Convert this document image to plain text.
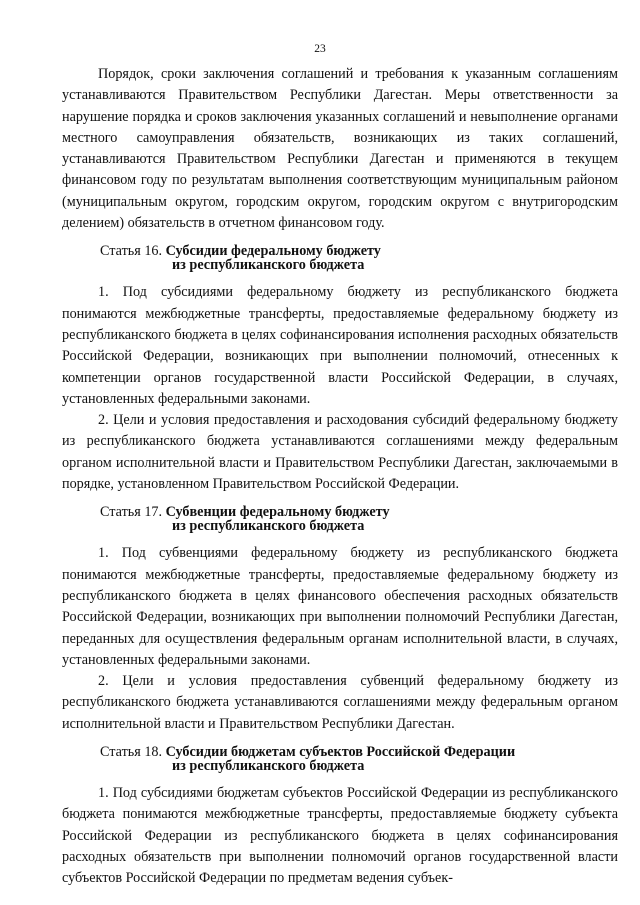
23

Порядок, сроки заключения соглашений и требования к указанным соглашениям устанавливаются Правительством Республики Дагестан. Меры ответственности за нарушение порядка и сроков заключения указанных соглашений и невыполнение органами местного самоуправления обязательств, возникающих из таких соглашений, устанавливаются Правительством Республики Дагестан и применяются в текущем финансовом году по результатам выполнения соответствующим муниципальным районом (муниципальным округом, городским округом, городским округом с внутригородским делением) обязательств в отчетном финансовом году.

Статья 16. Субсидии федеральному бюджету
из республиканского бюджета

1. Под субсидиями федеральному бюджету из республиканского бюджета понимаются межбюджетные трансферты, предоставляемые федеральному бюджету из республиканского бюджета в целях софинансирования исполнения расходных обязательств Российской Федерации, возникающих при выполнении полномочий, отнесенных к компетенции органов государственной власти Российской Федерации, в случаях, установленных федеральными законами.

2. Цели и условия предоставления и расходования субсидий федеральному бюджету из республиканского бюджета устанавливаются соглашениями между федеральным органом исполнительной власти и Правительством Республики Дагестан, заключаемыми в порядке, установленном Правительством Российской Федерации.

Статья 17. Субвенции федеральному бюджету
из республиканского бюджета

1. Под субвенциями федеральному бюджету из республиканского бюджета понимаются межбюджетные трансферты, предоставляемые федеральному бюджету из республиканского бюджета в целях финансового обеспечения расходных обязательств Российской Федерации, возникающих при выполнении полномочий Республики Дагестан, переданных для осуществления федеральным органам исполнительной власти, в случаях, установленных федеральными законами.

2. Цели и условия предоставления субвенций федеральному бюджету из республиканского бюджета устанавливаются соглашениями между федеральным органом исполнительной власти и Правительством Республики Дагестан.

Статья 18. Субсидии бюджетам субъектов Российской Федерации
из республиканского бюджета

1. Под субсидиями бюджетам субъектов Российской Федерации из республиканского бюджета понимаются межбюджетные трансферты, предоставляемые бюджету субъекта Российской Федерации из республиканского бюджета в целях софинансирования расходных обязательств при выполнении полномочий органов государственной власти субъектов Российской Федерации по предметам ведения субъек-
